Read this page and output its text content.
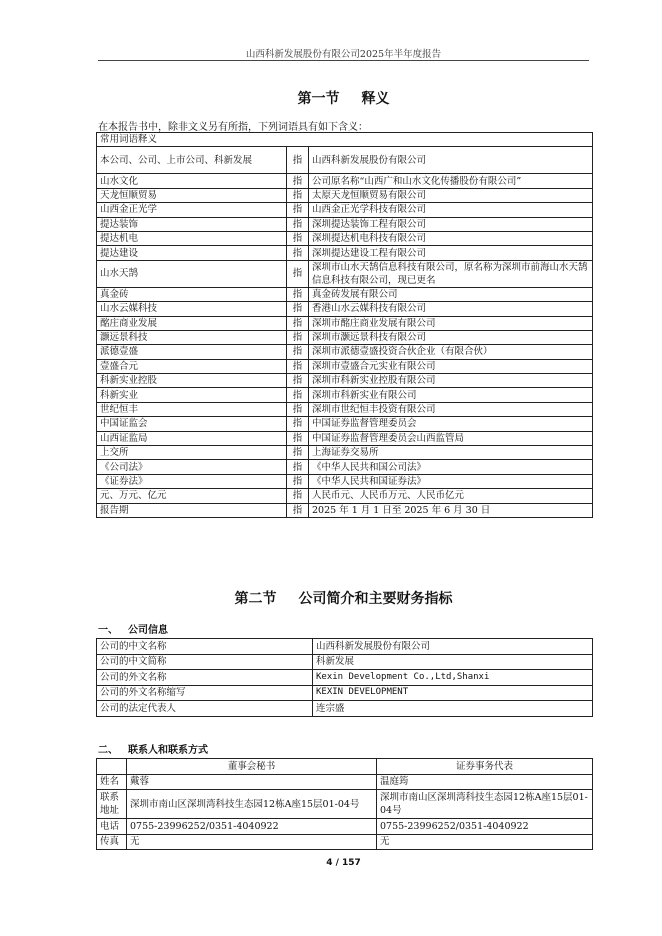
山西科新发展股份有限公司2025年半年度报告
第一节 释义
在本报告书中，除非文义另有所指，下列词语具有如下含义：
常用词语释义		
本公司、公司、上市公司、科新发展	指	山西科新发展股份有限公司
山水文化	指	公司原名称“山西广和山水文化传播股份有限公司”
天龙恒顺贸易	指	太原天龙恒顺贸易有限公司
山西金正光学	指	山西金正光学科技有限公司
提达装饰	指	深圳提达装饰工程有限公司
提达机电	指	深圳提达机电科技有限公司
提达建设	指	深圳提达建设工程有限公司
山水天鹄	指	深圳市山水天鹄信息科技有限公司，原名称为深圳市前海山水天鹄信息科技有限公司，现已更名
真金砖	指	真金砖发展有限公司
山水云媒科技	指	香港山水云媒科技有限公司
酩庄商业发展	指	深圳市酩庄商业发展有限公司
灏远景科技	指	深圳市灏远景科技有限公司
派德壹盛	指	深圳市派德壹盛投资合伙企业（有限合伙）
壹盛合元	指	深圳市壹盛合元实业有限公司
科新实业控股	指	深圳市科新实业控股有限公司
科新实业	指	深圳市科新实业有限公司
世纪恒丰	指	深圳市世纪恒丰投资有限公司
中国证监会	指	中国证券监督管理委员会
山西证监局	指	中国证券监督管理委员会山西监管局
上交所	指	上海证券交易所
《公司法》	指	《中华人民共和国公司法》
《证券法》	指	《中华人民共和国证券法》
元、万元、亿元	指	人民币元、人民币万元、人民币亿元
报告期	指	2025 年 1 月 1 日至 2025 年 6 月 30 日
第二节 公司简介和主要财务指标
一、 公司信息
公司的中文名称	山西科新发展股份有限公司
公司的中文简称	科新发展
公司的外文名称	Kexin Development Co.,Ltd,Shanxi
公司的外文名称缩写	KEXIN DEVELOPMENT
公司的法定代表人	连宗盛
二、 联系人和联系方式
	董事会秘书	证券事务代表
姓名	戴蓉	温庭筠
联系地址	深圳市南山区深圳湾科技生态园12栋A座15层01-04号	深圳市南山区深圳湾科技生态园12栋A座15层01-04号
电话	0755-23996252/0351-4040922	0755-23996252/0351-4040922
传真	无	无
4 / 157
